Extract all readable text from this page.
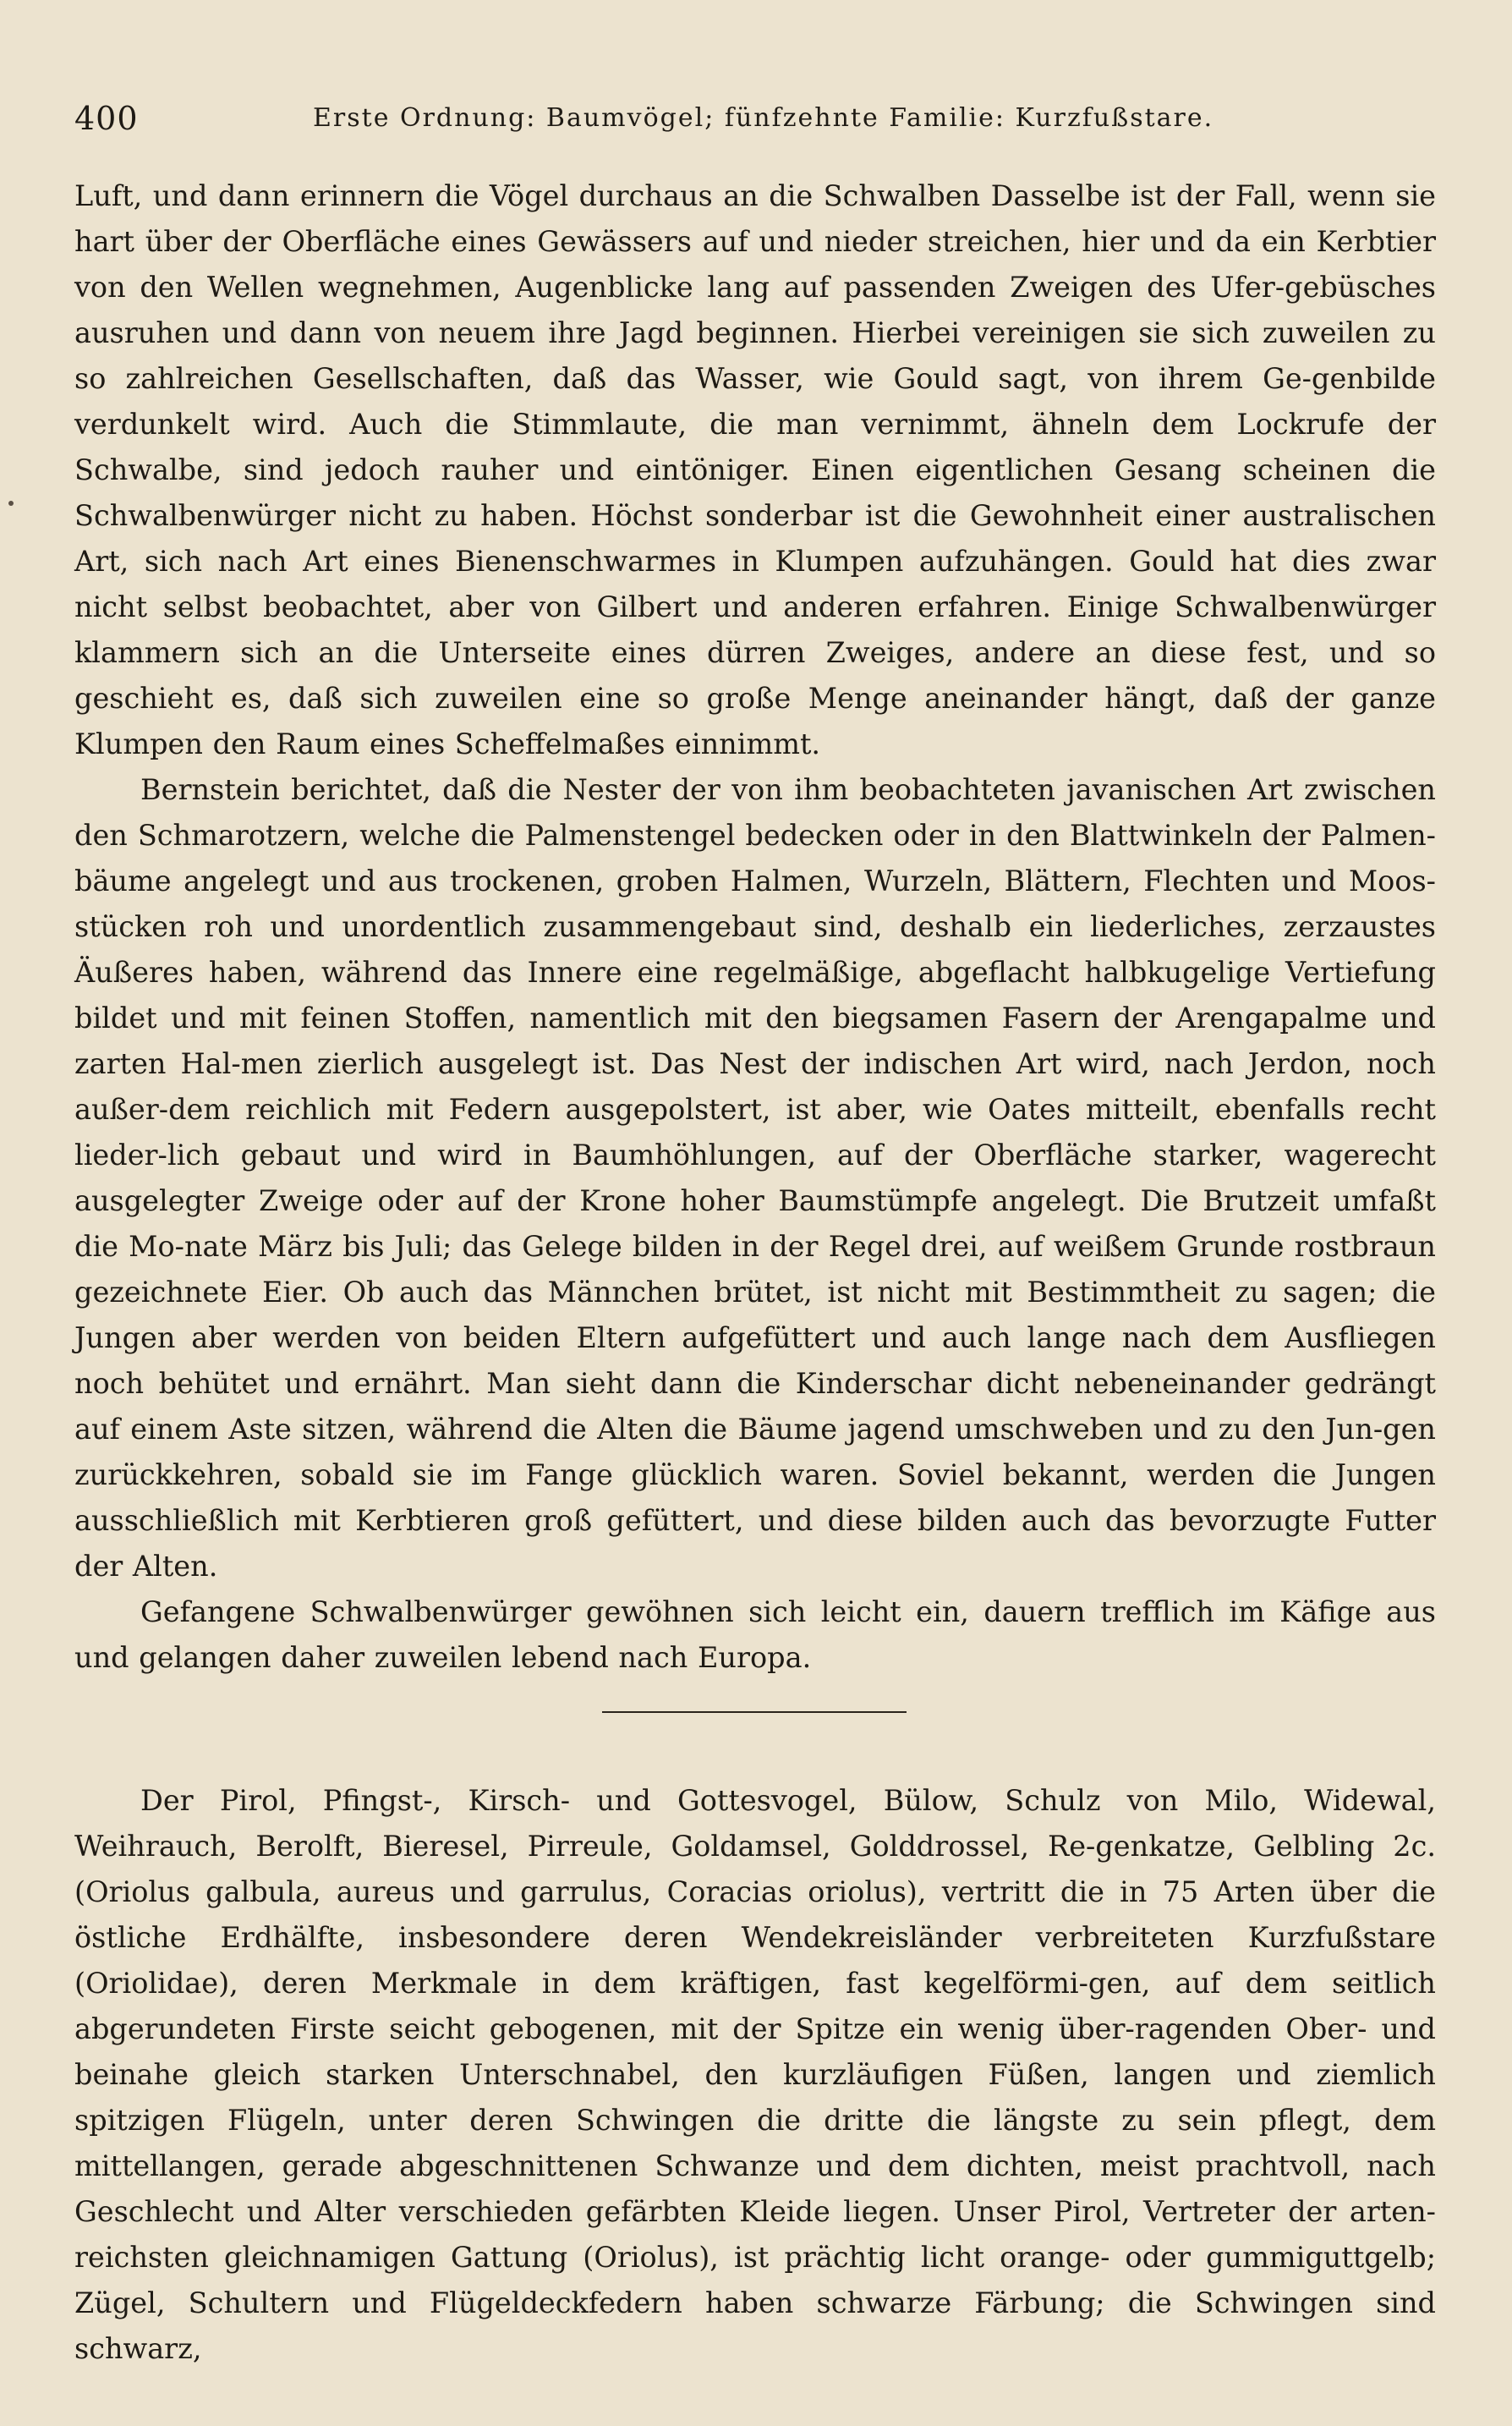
400	Erste Ordnung: Baumvögel; fünfzehnte Familie: Kurzfußstare.

Luft, und dann erinnern die Vögel durchaus an die Schwalben Dasselbe ist der Fall, wenn sie hart über der Oberfläche eines Gewässers auf und nieder streichen, hier und da ein Kerbtier von den Wellen wegnehmen, Augenblicke lang auf passenden Zweigen des Ufer-gebüsches ausruhen und dann von neuem ihre Jagd beginnen. Hierbei vereinigen sie sich zuweilen zu so zahlreichen Gesellschaften, daß das Wasser, wie Gould sagt, von ihrem Ge-genbilde verdunkelt wird. Auch die Stimmlaute, die man vernimmt, ähneln dem Lockrufe der Schwalbe, sind jedoch rauher und eintöniger. Einen eigentlichen Gesang scheinen die Schwalbenwürger nicht zu haben. Höchst sonderbar ist die Gewohnheit einer australischen Art, sich nach Art eines Bienenschwarmes in Klumpen aufzuhängen. Gould hat dies zwar nicht selbst beobachtet, aber von Gilbert und anderen erfahren. Einige Schwalbenwürger klammern sich an die Unterseite eines dürren Zweiges, andere an diese fest, und so geschieht es, daß sich zuweilen eine so große Menge aneinander hängt, daß der ganze Klumpen den Raum eines Scheffelmaßes einnimmt.

Bernstein berichtet, daß die Nester der von ihm beobachteten javanischen Art zwischen den Schmarotzern, welche die Palmenstengel bedecken oder in den Blattwinkeln der Palmen-bäume angelegt und aus trockenen, groben Halmen, Wurzeln, Blättern, Flechten und Moos-stücken roh und unordentlich zusammengebaut sind, deshalb ein liederliches, zerzaustes Äußeres haben, während das Innere eine regelmäßige, abgeflacht halbkugelige Vertiefung bildet und mit feinen Stoffen, namentlich mit den biegsamen Fasern der Arengapalme und zarten Hal-men zierlich ausgelegt ist. Das Nest der indischen Art wird, nach Jerdon, noch außer-dem reichlich mit Federn ausgepolstert, ist aber, wie Oates mitteilt, ebenfalls recht lieder-lich gebaut und wird in Baumhöhlungen, auf der Oberfläche starker, wagerecht ausgelegter Zweige oder auf der Krone hoher Baumstümpfe angelegt. Die Brutzeit umfaßt die Mo-nate März bis Juli; das Gelege bilden in der Regel drei, auf weißem Grunde rostbraun gezeichnete Eier. Ob auch das Männchen brütet, ist nicht mit Bestimmtheit zu sagen; die Jungen aber werden von beiden Eltern aufgefüttert und auch lange nach dem Ausfliegen noch behütet und ernährt. Man sieht dann die Kinderschar dicht nebeneinander gedrängt auf einem Aste sitzen, während die Alten die Bäume jagend umschweben und zu den Jun-gen zurückkehren, sobald sie im Fange glücklich waren. Soviel bekannt, werden die Jungen ausschließlich mit Kerbtieren groß gefüttert, und diese bilden auch das bevorzugte Futter der Alten.

Gefangene Schwalbenwürger gewöhnen sich leicht ein, dauern trefflich im Käfige aus und gelangen daher zuweilen lebend nach Europa.

Der Pirol, Pfingst-, Kirsch- und Gottesvogel, Bülow, Schulz von Milo, Widewal, Weihrauch, Berolft, Bieresel, Pirreule, Goldamsel, Golddrossel, Re-genkatze, Gelbling 2c. (Oriolus galbula, aureus und garrulus, Coracias oriolus), vertritt die in 75 Arten über die östliche Erdhälfte, insbesondere deren Wendekreisländer verbreiteten Kurzfußstare (Oriolidae), deren Merkmale in dem kräftigen, fast kegelförmi-gen, auf dem seitlich abgerundeten Firste seicht gebogenen, mit der Spitze ein wenig über-ragenden Ober- und beinahe gleich starken Unterschnabel, den kurzläufigen Füßen, langen und ziemlich spitzigen Flügeln, unter deren Schwingen die dritte die längste zu sein pflegt, dem mittellangen, gerade abgeschnittenen Schwanze und dem dichten, meist prachtvoll, nach Geschlecht und Alter verschieden gefärbten Kleide liegen. Unser Pirol, Vertreter der arten-reichsten gleichnamigen Gattung (Oriolus), ist prächtig licht orange- oder gummiguttgelb; Zügel, Schultern und Flügeldeckfedern haben schwarze Färbung; die Schwingen sind schwarz,
